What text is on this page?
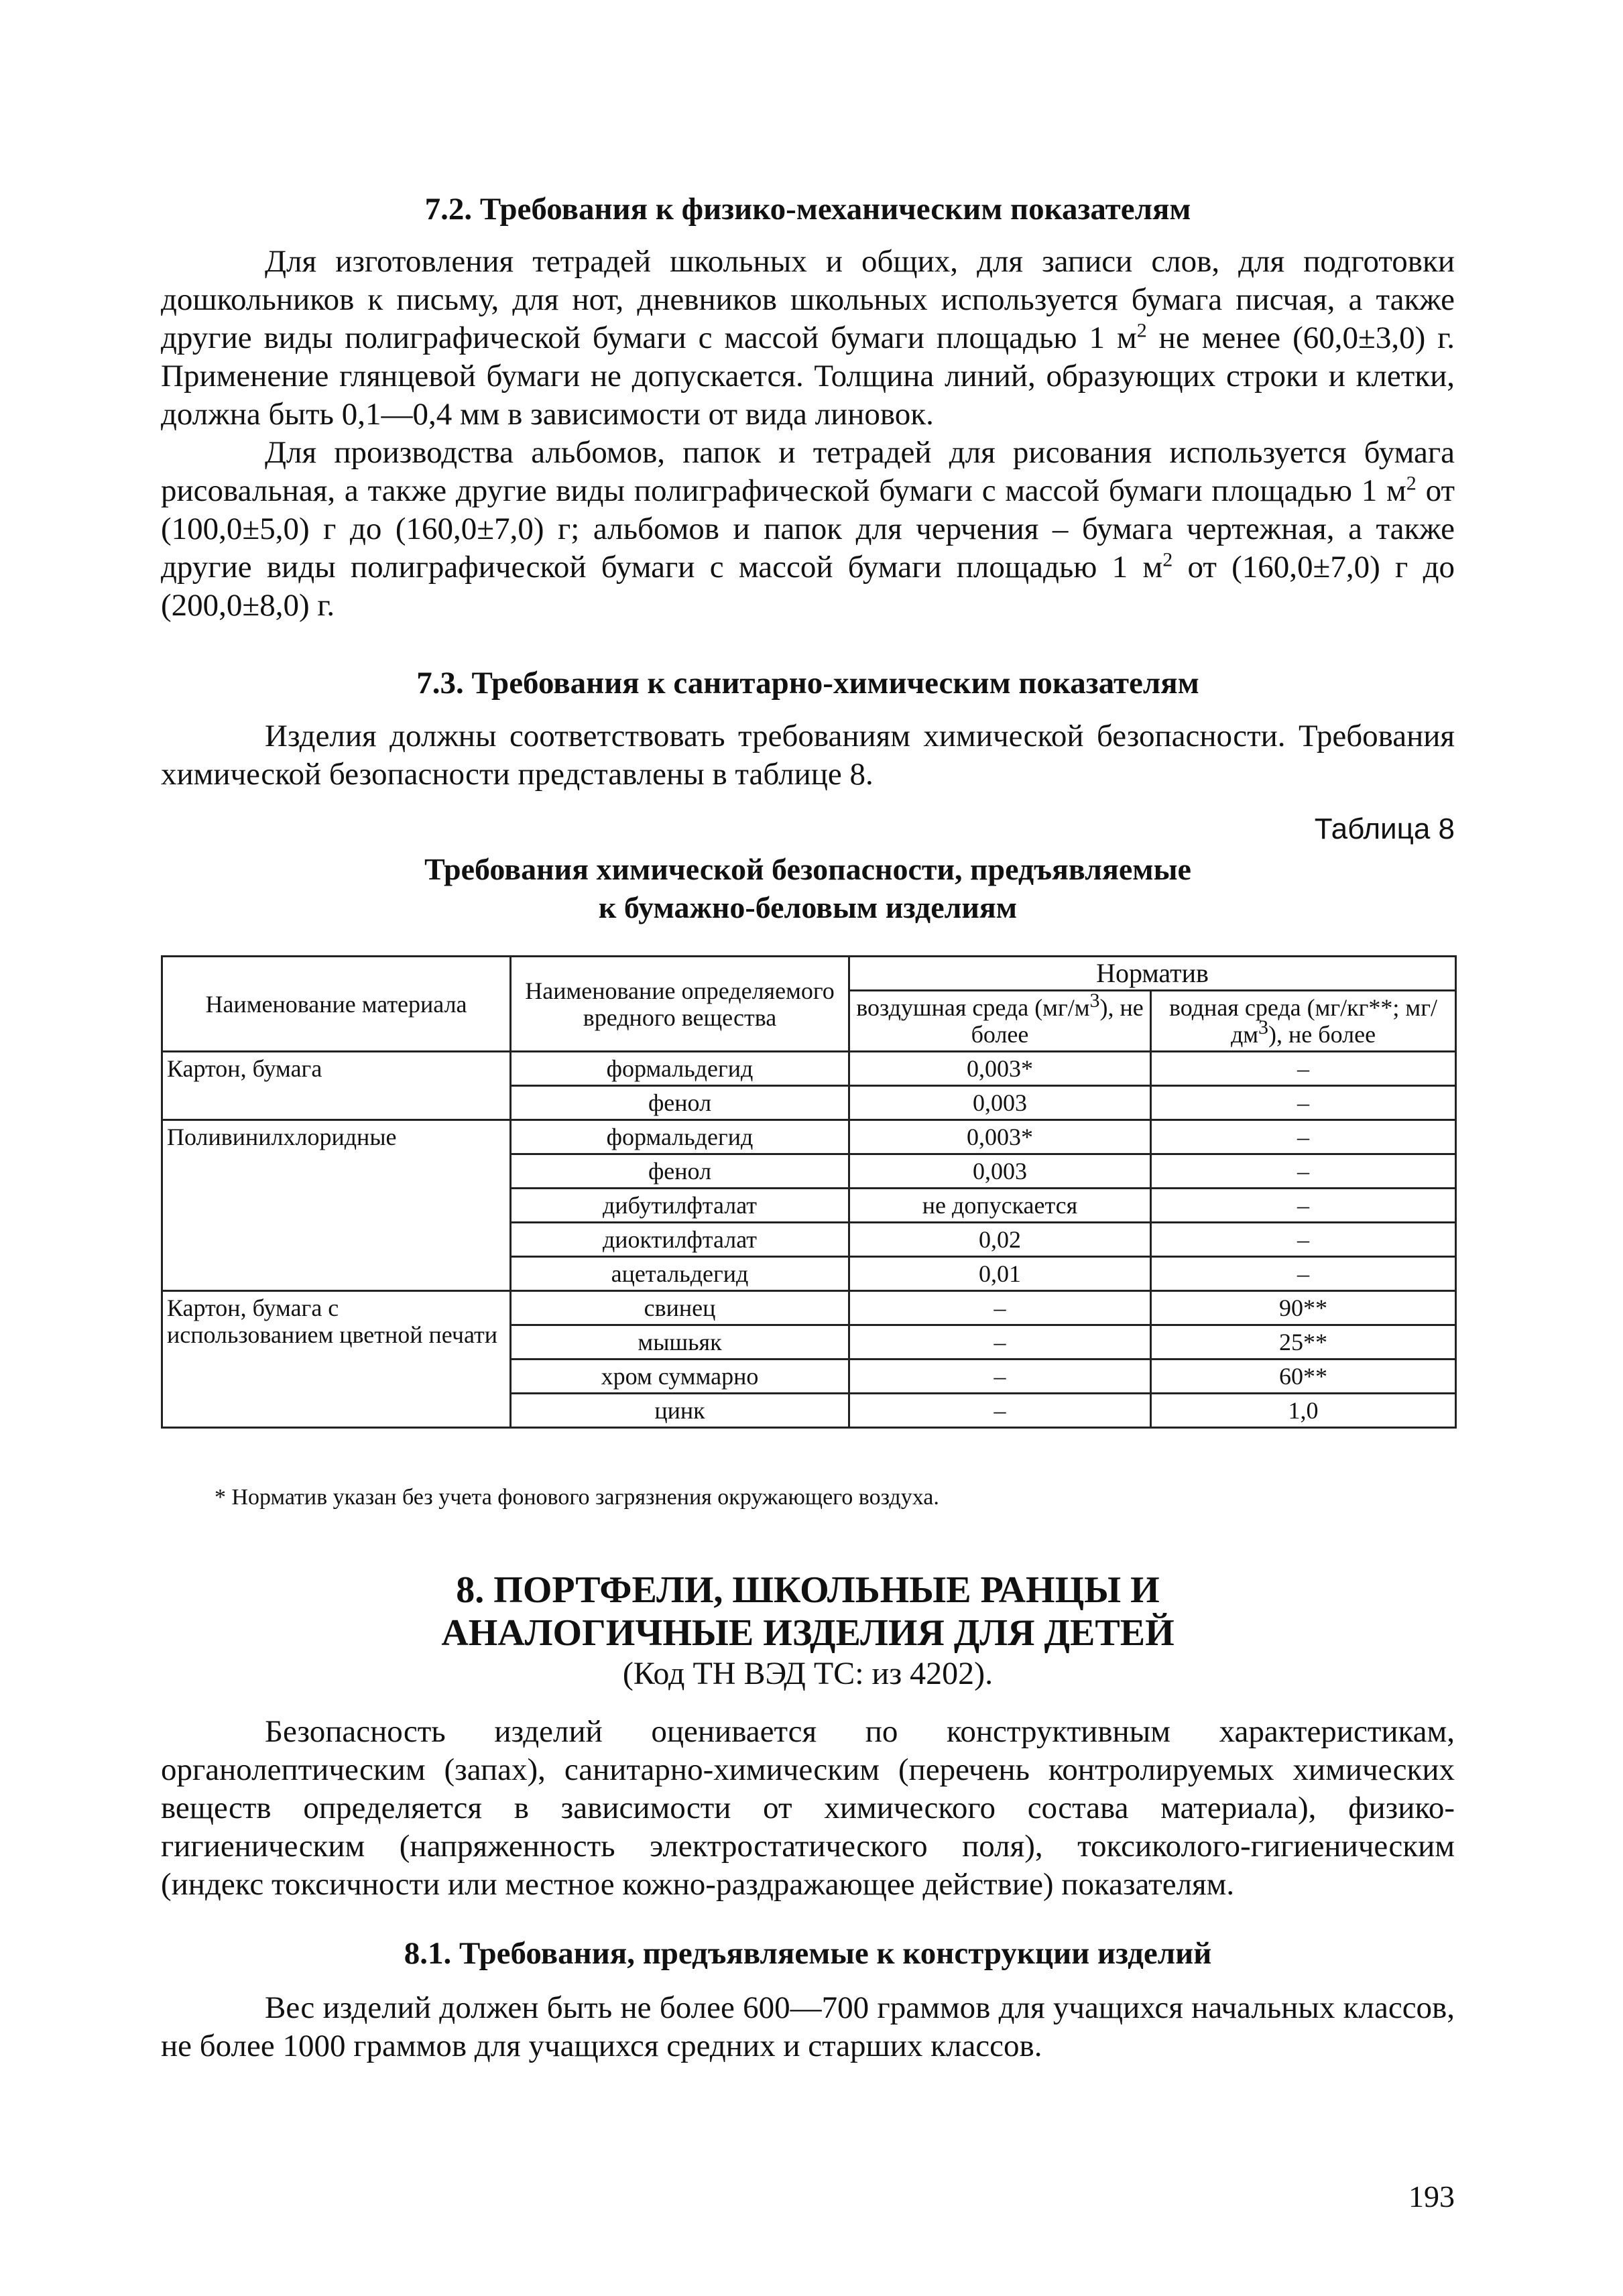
7.2. Требования к физико-механическим показателям

Для изготовления тетрадей школьных и общих, для записи слов, для подготовки дошкольников к письму, для нот, дневников школьных используется бумага писчая, а также другие виды полиграфической бумаги с массой бумаги площадью 1 $м^2$ не менее (60,0±3,0) г. Применение глянцевой бумаги не допускается. Толщина линий, образующих строки и клетки, должна быть 0,1—0,4 мм в зависимости от вида линовок.

Для производства альбомов, папок и тетрадей для рисования используется бумага рисовальная, а также другие виды полиграфической бумаги с массой бумаги площадью 1 $м^2$ от (100,0±5,0) г до (160,0±7,0) г; альбомов и папок для черчения – бумага чертежная, а также другие виды полиграфической бумаги с массой бумаги площадью 1 $м^2$ от (160,0±7,0) г до (200,0±8,0) г.

7.3. Требования к санитарно-химическим показателям

Изделия должны соответствовать требованиям химической безопасности. Требования химической безопасности представлены в таблице 8.

Таблица 8

Требования химической безопасности, предъявляемые

к бумажно-беловым изделиям

Наименование материала	Наименование определяемого вредного вещества	Норматив	
		воздушная среда $(мг/м^3)$, не более	водная среда (мг/кг**; $мг/дм^3$), не более
Картон, бумага	формальдегид	0,003*	–
	фенол	0,003	–
Поливинилхлоридные	формальдегид	0,003*	–
	фенол	0,003	–
	дибутилфталат	не допускается	–
	диоктилфталат	0,02	–
	ацетальдегид	0,01	–
Картон, бумага с использованием цветной печати	свинец	–	90**
	мышьяк	–	25**
	хром суммарно	–	60**
	цинк	–	1,0

* Норматив указан без учета фонового загрязнения окружающего воздуха.

8. ПОРТФЕЛИ, ШКОЛЬНЫЕ РАНЦЫ И

АНАЛОГИЧНЫЕ ИЗДЕЛИЯ ДЛЯ ДЕТЕЙ

(Код ТН ВЭД ТС: из 4202).

Безопасность изделий оценивается по конструктивным характеристикам, органолептическим (запах), санитарно-химическим (перечень контролируемых химических веществ определяется в зависимости от химического состава материала), физико-гигиеническим (напряженность электростатического поля), токсиколого-гигиеническим (индекс токсичности или местное кожно-раздражающее действие) показателям.

8.1. Требования, предъявляемые к конструкции изделий

Вес изделий должен быть не более 600—700 граммов для учащихся начальных классов, не более 1000 граммов для учащихся средних и старших классов.

193
